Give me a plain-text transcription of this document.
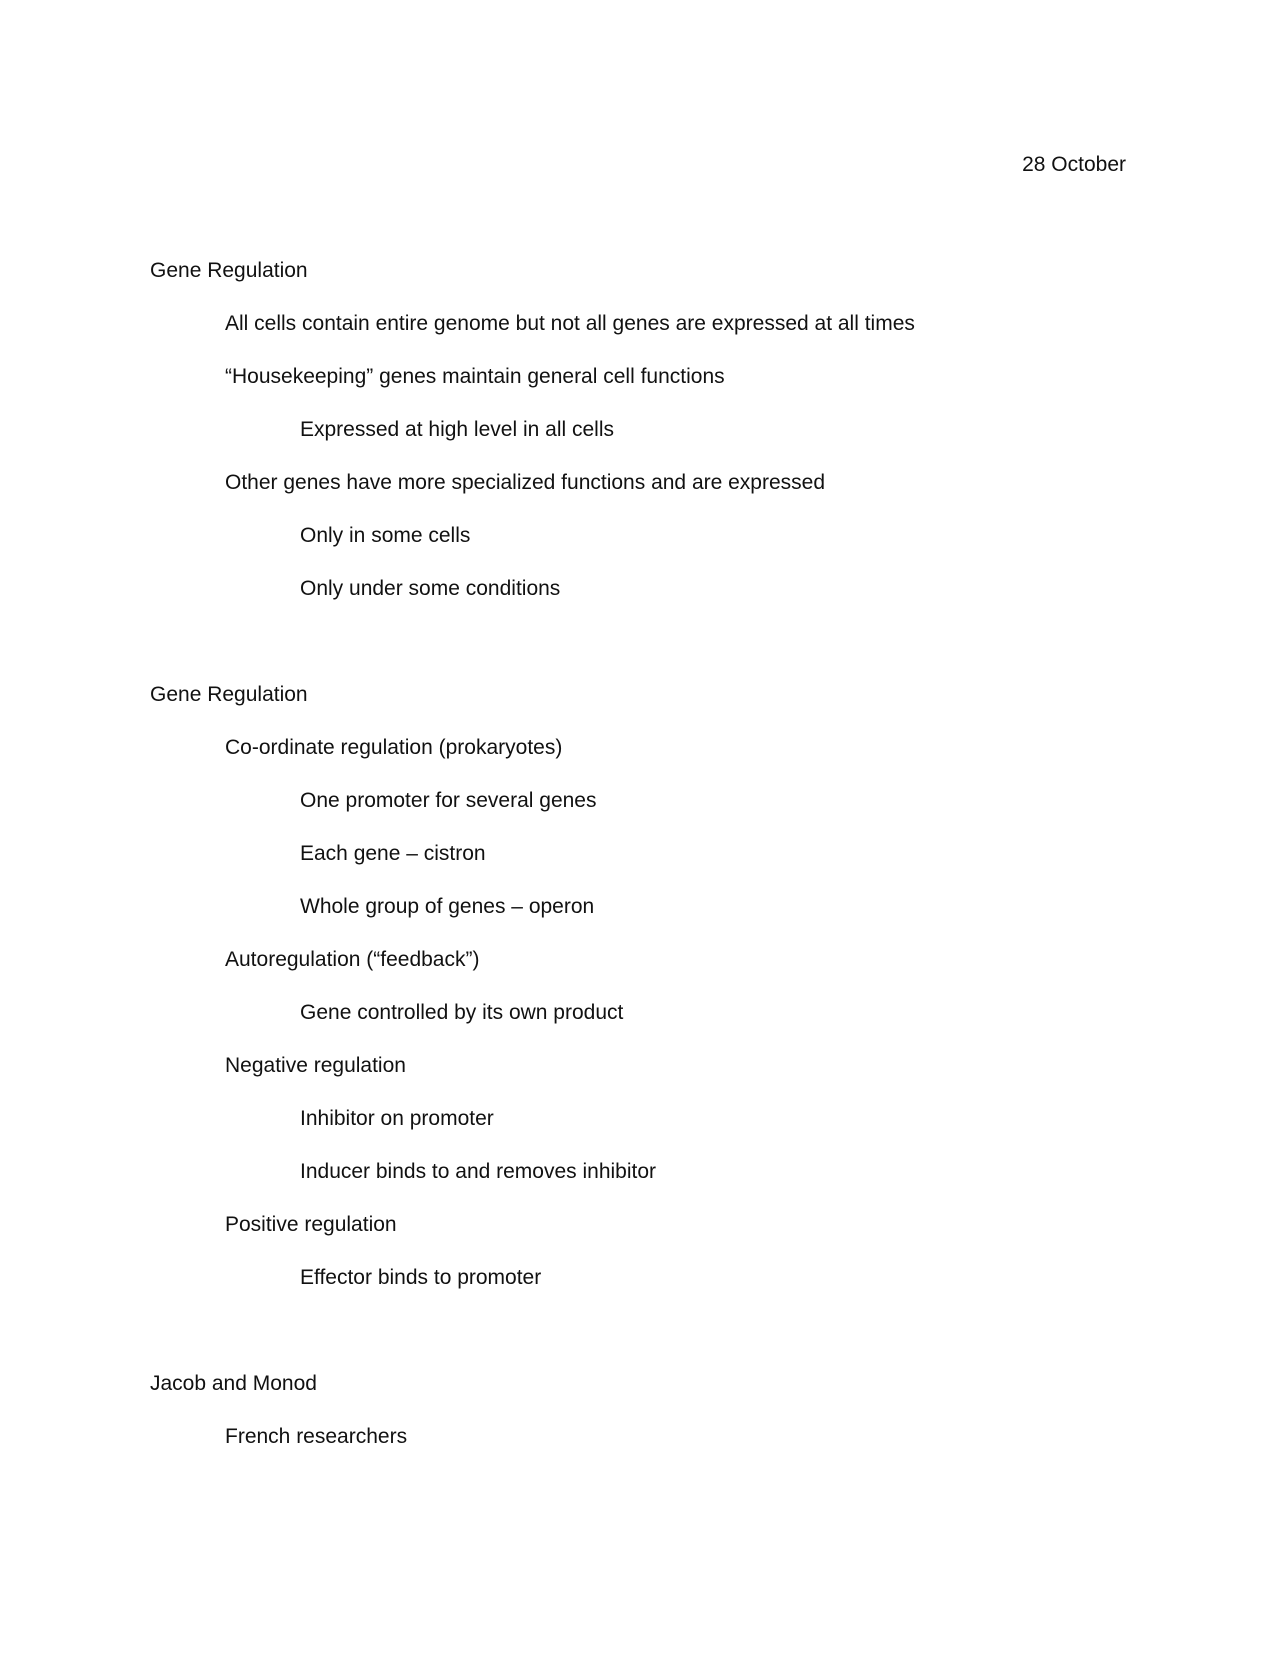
28 October
Gene Regulation
All cells contain entire genome but not all genes are expressed at all times
“Housekeeping” genes maintain general cell functions
Expressed at high level in all cells
Other genes have more specialized functions and are expressed
Only in some cells
Only under some conditions
Gene Regulation
Co-ordinate regulation (prokaryotes)
One promoter for several genes
Each gene – cistron
Whole group of genes – operon
Autoregulation (“feedback”)
Gene controlled by its own product
Negative regulation
Inhibitor on promoter
Inducer binds to and removes inhibitor
Positive regulation
Effector binds to promoter
Jacob and Monod
French researchers
